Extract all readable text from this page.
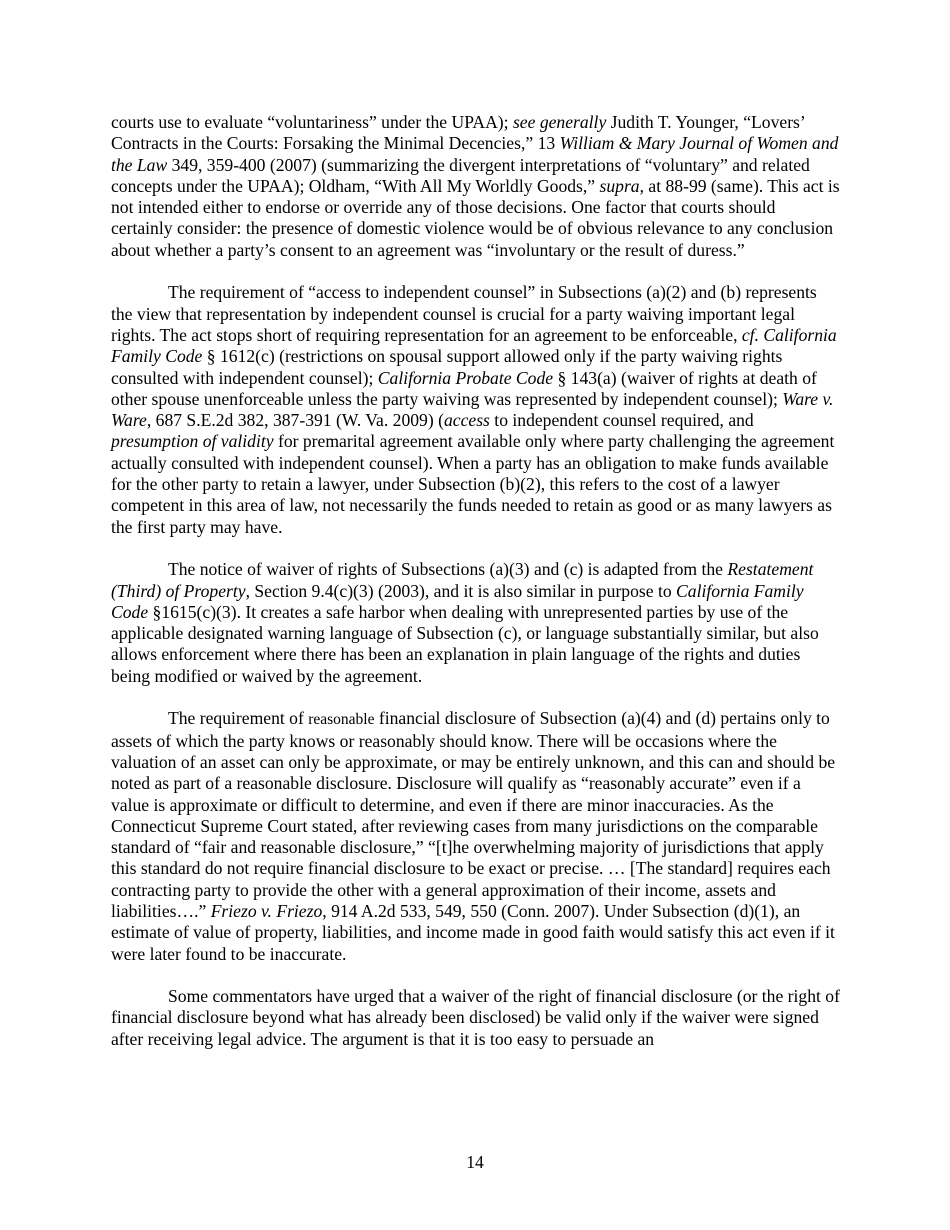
courts use to evaluate “voluntariness” under the UPAA); see generally Judith T. Younger, “Lovers’ Contracts in the Courts: Forsaking the Minimal Decencies,” 13 William & Mary Journal of Women and the Law 349, 359-400 (2007) (summarizing the divergent interpretations of “voluntary” and related concepts under the UPAA); Oldham, “With All My Worldly Goods,” supra, at 88-99 (same). This act is not intended either to endorse or override any of those decisions. One factor that courts should certainly consider: the presence of domestic violence would be of obvious relevance to any conclusion about whether a party’s consent to an agreement was “involuntary or the result of duress.”

The requirement of “access to independent counsel” in Subsections (a)(2) and (b) represents the view that representation by independent counsel is crucial for a party waiving important legal rights. The act stops short of requiring representation for an agreement to be enforceable, cf. California Family Code § 1612(c) (restrictions on spousal support allowed only if the party waiving rights consulted with independent counsel); California Probate Code § 143(a) (waiver of rights at death of other spouse unenforceable unless the party waiving was represented by independent counsel); Ware v. Ware, 687 S.E.2d 382, 387-391 (W. Va. 2009) (access to independent counsel required, and presumption of validity for premarital agreement available only where party challenging the agreement actually consulted with independent counsel). When a party has an obligation to make funds available for the other party to retain a lawyer, under Subsection (b)(2), this refers to the cost of a lawyer competent in this area of law, not necessarily the funds needed to retain as good or as many lawyers as the first party may have.

The notice of waiver of rights of Subsections (a)(3) and (c) is adapted from the Restatement (Third) of Property, Section 9.4(c)(3) (2003), and it is also similar in purpose to California Family Code §1615(c)(3). It creates a safe harbor when dealing with unrepresented parties by use of the applicable designated warning language of Subsection (c), or language substantially similar, but also allows enforcement where there has been an explanation in plain language of the rights and duties being modified or waived by the agreement.

The requirement of reasonable financial disclosure of Subsection (a)(4) and (d) pertains only to assets of which the party knows or reasonably should know. There will be occasions where the valuation of an asset can only be approximate, or may be entirely unknown, and this can and should be noted as part of a reasonable disclosure. Disclosure will qualify as “reasonably accurate” even if a value is approximate or difficult to determine, and even if there are minor inaccuracies. As the Connecticut Supreme Court stated, after reviewing cases from many jurisdictions on the comparable standard of “fair and reasonable disclosure,” “[t]he overwhelming majority of jurisdictions that apply this standard do not require financial disclosure to be exact or precise. … [The standard] requires each contracting party to provide the other with a general approximation of their income, assets and liabilities….” Friezo v. Friezo, 914 A.2d 533, 549, 550 (Conn. 2007). Under Subsection (d)(1), an estimate of value of property, liabilities, and income made in good faith would satisfy this act even if it were later found to be inaccurate.

Some commentators have urged that a waiver of the right of financial disclosure (or the right of financial disclosure beyond what has already been disclosed) be valid only if the waiver were signed after receiving legal advice. The argument is that it is too easy to persuade an

14
